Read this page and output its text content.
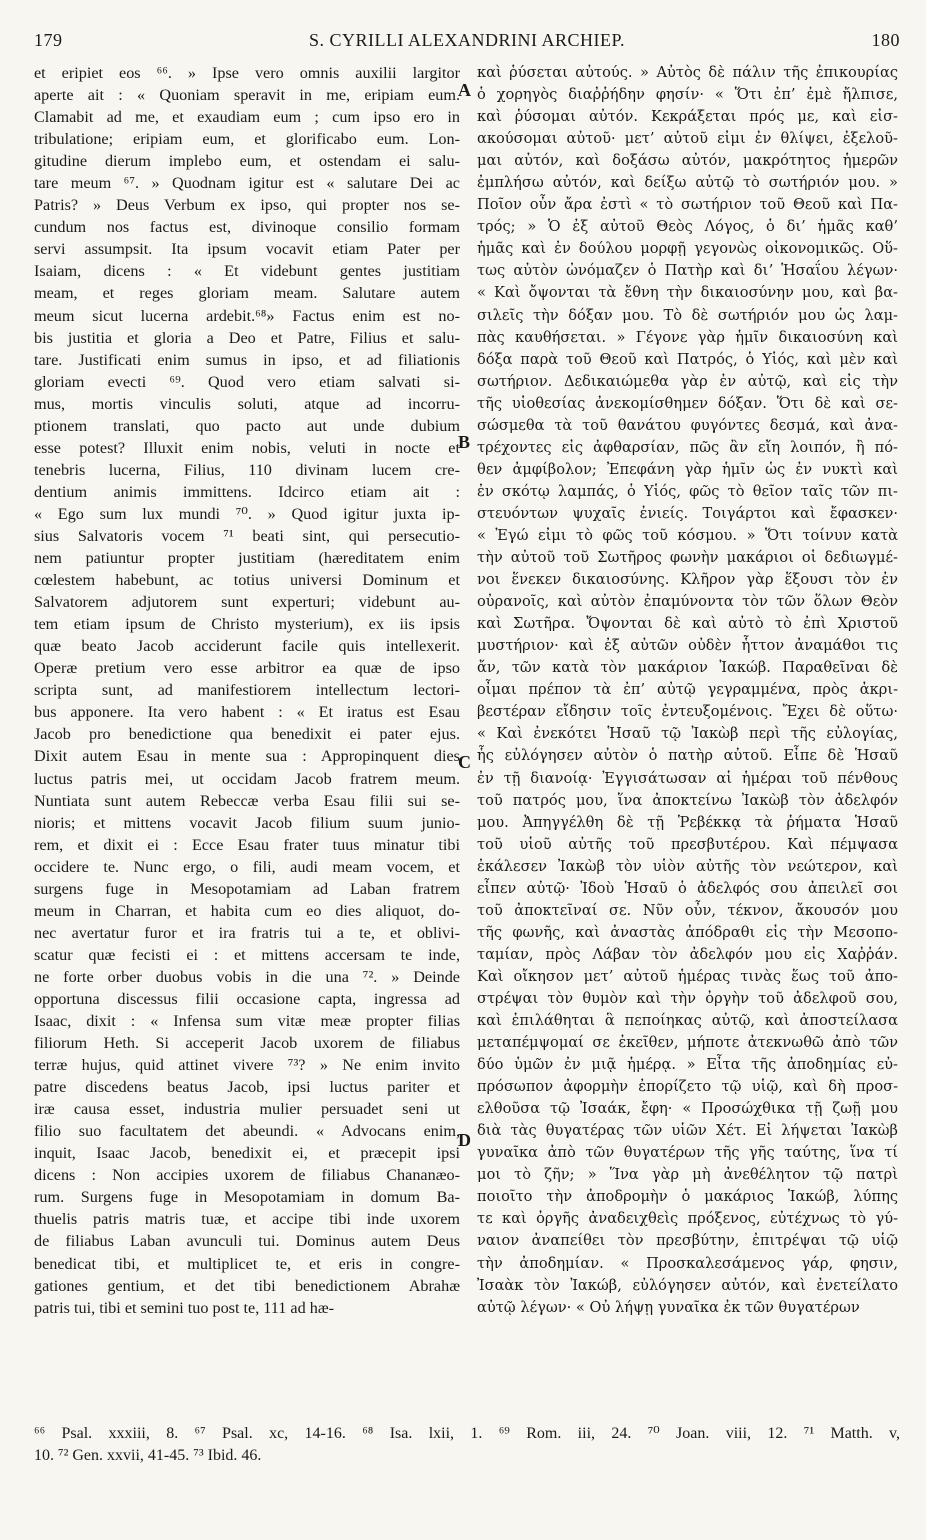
179	S. CYRILLI ALEXANDRINI ARCHIEP.	180
et eripiet eos ⁶⁶. » Ipse vero omnis auxilii largitor
aperte ait : « Quoniam speravit in me, eripiam eum.
Clamabit ad me, et exaudiam eum ; cum ipso ero in
tribulatione; eripiam eum, et glorificabo eum. Lon-
gitudine dierum implebo eum, et ostendam ei salu-
tare meum ⁶⁷. » Quodnam igitur est « salutare Dei ac
Patris? » Deus Verbum ex ipso, qui propter nos se-
cundum nos factus est, divinoque consilio formam
servi assumpsit. Ita ipsum vocavit etiam Pater per
Isaiam, dicens : « Et videbunt gentes justitiam
meam, et reges gloriam meam. Salutare autem
meum sicut lucerna ardebit.⁶⁸» Factus enim est no-
bis justitia et gloria a Deo et Patre, Filius et salu-
tare. Justificati enim sumus in ipso, et ad filiationis
gloriam evecti ⁶⁹. Quod vero etiam salvati si-
mus, mortis vinculis soluti, atque ad incorru-
ptionem translati, quo pacto aut unde dubium
esse potest? Illuxit enim nobis, veluti in nocte et
tenebris lucerna, Filius, 110 divinam lucem cre-
dentium animis immittens. Idcirco etiam ait :
« Ego sum lux mundi ⁷⁰. » Quod igitur juxta ip-
sius Salvatoris vocem ⁷¹ beati sint, qui persecutio-
nem patiuntur propter justitiam (hæreditatem enim
cœlestem habebunt, ac totius universi Dominum et
Salvatorem adjutorem sunt experturi; videbunt au-
tem etiam ipsum de Christo mysterium), ex iis ipsis
quæ beato Jacob acciderunt facile quis intellexerit.
Operæ pretium vero esse arbitror ea quæ de ipso
scripta sunt, ad manifestiorem intellectum lectori-
bus apponere. Ita vero habent : « Et iratus est Esau
Jacob pro benedictione qua benedixit ei pater ejus.
Dixit autem Esau in mente sua : Appropinquent dies
luctus patris mei, ut occidam Jacob fratrem meum.
Nuntiata sunt autem Rebeccæ verba Esau filii sui se-
nioris; et mittens vocavit Jacob filium suum junio-
rem, et dixit ei : Ecce Esau frater tuus minatur tibi
occidere te. Nunc ergo, o fili, audi meam vocem, et
surgens fuge in Mesopotamiam ad Laban fratrem
meum in Charran, et habita cum eo dies aliquot, do-
nec avertatur furor et ira fratris tui a te, et oblivi-
scatur quæ fecisti ei : et mittens accersam te inde,
ne forte orber duobus vobis in die una ⁷². » Deinde
opportuna discessus filii occasione capta, ingressa ad
Isaac, dixit : « Infensa sum vitæ meæ propter filias
filiorum Heth. Si acceperit Jacob uxorem de filiabus
terræ hujus, quid attinet vivere ⁷³? » Ne enim invito
patre discedens beatus Jacob, ipsi luctus pariter et
iræ causa esset, industria mulier persuadet seni ut
filio suo facultatem det abeundi. « Advocans enim,
inquit, Isaac Jacob, benedixit ei, et præcepit ipsi
dicens : Non accipies uxorem de filiabus Chananæo-
rum. Surgens fuge in Mesopotamiam in domum Ba-
thuelis patris matris tuæ, et accipe tibi inde uxorem
de filiabus Laban avunculi tui. Dominus autem Deus
benedicat tibi, et multiplicet te, et eris in congre-
gationes gentium, et det tibi benedictionem Abrahæ
patris tui, tibi et semini tuo post te, 111 ad hæ-
καὶ ῥύσεται αὐτούς. » Αὐτὸς δὲ πάλιν τῆς ἐπικουρίας
ὁ χορηγὸς διαῤῥήδην φησίν· « Ὅτι ἐπ’ ἐμὲ ἤλπισε,
καὶ ῥύσομαι αὐτόν. Κεκράξεται πρός με, καὶ εἰσ-
ακούσομαι αὐτοῦ· μετ’ αὐτοῦ εἰμι ἐν θλίψει, ἐξελοῦ-
μαι αὐτόν, καὶ δοξάσω αὐτόν, μακρότητος ἡμερῶν
ἐμπλήσω αὐτόν, καὶ δείξω αὐτῷ τὸ σωτήριόν μου. »
Ποῖον οὖν ἄρα ἐστὶ « τὸ σωτήριον τοῦ Θεοῦ καὶ Πα-
τρός; » Ὁ ἐξ αὐτοῦ Θεὸς Λόγος, ὁ δι’ ἡμᾶς καθ’
ἡμᾶς καὶ ἐν δούλου μορφῇ γεγονὼς οἰκονομικῶς. Οὕ-
τως αὐτὸν ὠνόμαζεν ὁ Πατὴρ καὶ διʼ Ἡσαΐου λέγων·
« Καὶ ὄψονται τὰ ἔθνη τὴν δικαιοσύνην μου, καὶ βα-
σιλεῖς τὴν δόξαν μου. Τὸ δὲ σωτήριόν μου ὡς λαμ-
πὰς καυθήσεται. » Γέγονε γὰρ ἡμῖν δικαιοσύνη καὶ
δόξα παρὰ τοῦ Θεοῦ καὶ Πατρός, ὁ Υἱός, καὶ μὲν καὶ
σωτήριον. Δεδικαιώμεθα γὰρ ἐν αὐτῷ, καὶ εἰς τὴν
τῆς υἱοθεσίας ἀνεκομίσθημεν δόξαν. Ὅτι δὲ καὶ σε-
σώσμεθα τὰ τοῦ θανάτου φυγόντες δεσμά, καὶ ἀνα-
τρέχοντες εἰς ἀφθαρσίαν, πῶς ἂν εἴη λοιπόν, ἢ πό-
θεν ἀμφίβολον; Ἐπεφάνη γὰρ ἡμῖν ὡς ἐν νυκτὶ καὶ
ἐν σκότῳ λαμπάς, ὁ Υἱός, φῶς τὸ θεῖον ταῖς τῶν πι-
στευόντων ψυχαῖς ἐνιείς. Τοιγάρτοι καὶ ἔφασκεν·
« Ἐγώ εἰμι τὸ φῶς τοῦ κόσμου. » Ὅτι τοίνυν κατὰ
τὴν αὐτοῦ τοῦ Σωτῆρος φωνὴν μακάριοι οἱ δεδιωγμέ-
νοι ἕνεκεν δικαιοσύνης. Κλῆρον γὰρ ἕξουσι τὸν ἐν
οὐρανοῖς, καὶ αὐτὸν ἐπαμύνοντα τὸν τῶν ὅλων Θεὸν
καὶ Σωτῆρα. Ὄψονται δὲ καὶ αὐτὸ τὸ ἐπὶ Χριστοῦ
μυστήριον· καὶ ἐξ αὐτῶν οὐδὲν ἧττον ἀναμάθοι τις
ἄν, τῶν κατὰ τὸν μακάριον Ἰακώβ. Παραθεῖναι δὲ
οἶμαι πρέπον τὰ ἐπ’ αὐτῷ γεγραμμένα, πρὸς ἀκρι-
βεστέραν εἴδησιν τοῖς ἐντευξομένοις. Ἔχει δὲ οὕτω·
« Καὶ ἐνεκότει Ἡσαῦ τῷ Ἰακὼβ περὶ τῆς εὐλογίας,
ἧς εὐλόγησεν αὐτὸν ὁ πατὴρ αὐτοῦ. Εἶπε δὲ Ἡσαῦ
ἐν τῇ διανοίᾳ· Ἐγγισάτωσαν αἱ ἡμέραι τοῦ πένθους
τοῦ πατρός μου, ἵνα ἀποκτείνω Ἰακὼβ τὸν ἀδελφόν
μου. Ἀπηγγέλθη δὲ τῇ Ῥεβέκκᾳ τὰ ῥήματα Ἡσαῦ
τοῦ υἱοῦ αὐτῆς τοῦ πρεσβυτέρου. Καὶ πέμψασα
ἐκάλεσεν Ἰακὼβ τὸν υἱὸν αὐτῆς τὸν νεώτερον, καὶ
εἶπεν αὐτῷ· Ἰδοὺ Ἡσαῦ ὁ ἀδελφός σου ἀπειλεῖ σοι
τοῦ ἀποκτεῖναί σε. Νῦν οὖν, τέκνον, ἄκουσόν μου
τῆς φωνῆς, καὶ ἀναστὰς ἀπόδραθι εἰς τὴν Μεσοπο-
ταμίαν, πρὸς Λάβαν τὸν ἀδελφόν μου εἰς Χαῤῥάν.
Καὶ οἴκησον μετ’ αὐτοῦ ἡμέρας τινὰς ἕως τοῦ ἀπο-
στρέψαι τὸν θυμὸν καὶ τὴν ὀργὴν τοῦ ἀδελφοῦ σου,
καὶ ἐπιλάθηται ἃ πεποίηκας αὐτῷ, καὶ ἀποστείλασα
μεταπέμψομαί σε ἐκεῖθεν, μήποτε ἀτεκνωθῶ ἀπὸ τῶν
δύο ὑμῶν ἐν μιᾷ ἡμέρᾳ. » Εἶτα τῆς ἀποδημίας εὐ-
πρόσωπον ἀφορμὴν ἐπορίζετο τῷ υἱῷ, καὶ δὴ προσ-
ελθοῦσα τῷ Ἰσαάκ, ἔφη· « Προσώχθικα τῇ ζωῇ μου
διὰ τὰς θυγατέρας τῶν υἱῶν Χέτ. Εἰ λήψεται Ἰακὼβ
γυναῖκα ἀπὸ τῶν θυγατέρων τῆς γῆς ταύτης, ἵνα τί
μοι τὸ ζῆν; » Ἵνα γὰρ μὴ ἀνεθέλητον τῷ πατρὶ
ποιοῖτο τὴν ἀποδρομὴν ὁ μακάριος Ἰακώβ, λύπης
τε καὶ ὀργῆς ἀναδειχθεὶς πρόξενος, εὐτέχνως τὸ γύ-
ναιον ἀναπείθει τὸν πρεσβύτην, ἐπιτρέψαι τῷ υἱῷ
τὴν ἀποδημίαν. « Προσκαλεσάμενος γάρ, φησιν,
Ἰσαὰκ τὸν Ἰακώβ, εὐλόγησεν αὐτόν, καὶ ἐνετείλατο
αὐτῷ λέγων· « Οὐ λήψῃ γυναῖκα ἐκ τῶν θυγατέρων
A
B
C
D
⁶⁶ Psal. xxxiii, 8. ⁶⁷ Psal. xc, 14-16. ⁶⁸ Isa. lxii, 1. ⁶⁹ Rom. iii, 24. ⁷⁰ Joan. viii, 12. ⁷¹ Matth. v,
10. ⁷² Gen. xxvii, 41-45. ⁷³ Ibid. 46.
